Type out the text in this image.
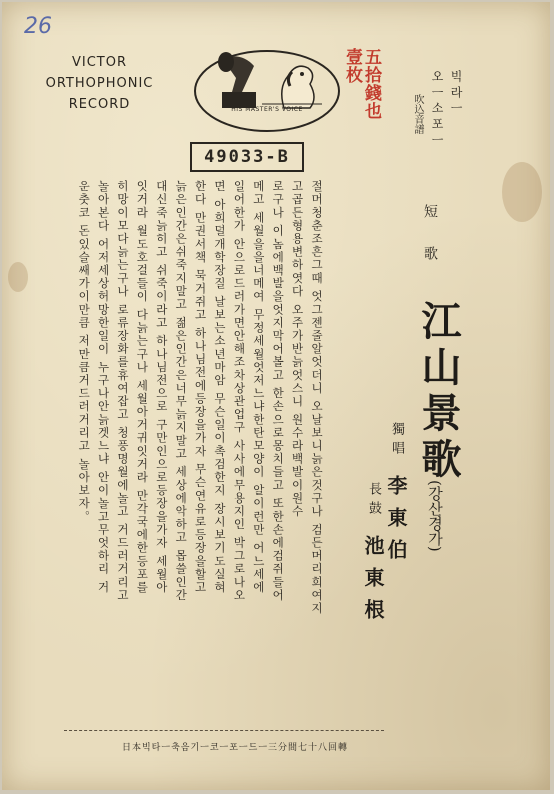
26
VICTOR
ORTHOPHONIC
RECORD	HIS MASTER'S VOICE
49033-B
빅 라 ㅡ
오 ㅡ 소 포 ㅡ
吹込音譜
壹枚 五拾錢也
短歌
江山景歌
(강산경가)
獨唱 李東伯
長鼓 池東根
절머청춘조흔그때 엇그젠줄알엇더니 오날보니늙은것구나 검든머리희여지
고곱든형용변하엿다 오주가반늙엇스니 원수라백발이원수
로구나 이놈에백발을엇지막어볼고 한손으로몽치들고 또한손에검쥐들어
메고 세월을을너메여 무정세월엇저느냐한탄모양이 알이런만 어느세에
일어한가 안으로드러가면안해조차상관업구 사사에무용지인 박그로나오
면 아희덜개학장질 날보는소년마암 무슨일이촉검한지 장시보기도실혀
한다 만권서책 묵거쥐고 하나님전에등장을가자 무슨연유로등장을할고
늙은인간은쉬죽지말고 젊은인간은너무늙지말고 세상에악하고 몹쓸인간
대신죽늙히고 쉬죽이라고 하나님전으로 구만인으로등장을가자 세월아
잇거라 월도호걸들이 다늙는구나 세월아거귀잇거라 만각국에한등포를
히망이모다늙는구나 로류장화를휴여잡고 청풍명월에놀고 거드러거리고
놀아본다 어저세상허망한일이 누구나안늙겟느냐 안이놀고무엇하리 거
운춧코 돈있슬쌔가이만큼 저만큼거드러거리고 놀아보자。
日本빅타ㅡ축음기ㅡ코ㅡ포ㅡ드ㅡ三分間七十八回轉
